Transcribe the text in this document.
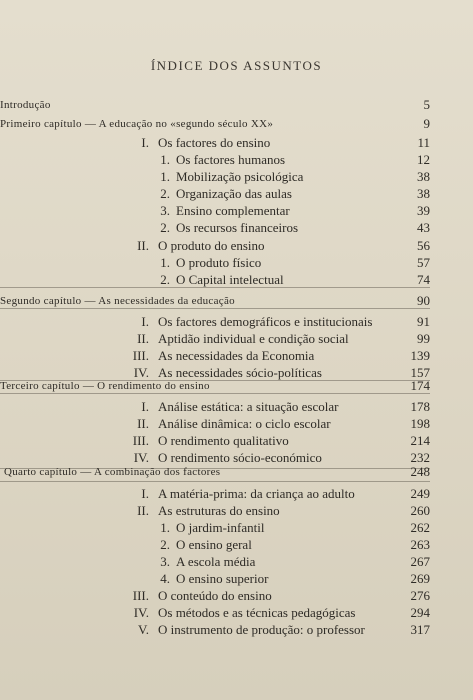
ÍNDICE DOS ASSUNTOS
Introdução	5
Primeiro capítulo — A educação no «segundo século XX»	9
I. Os factores do ensino	11
1. Os factores humanos	12
1. Mobilização psicológica	38
2. Organização das aulas	38
3. Ensino complementar	39
2. Os recursos financeiros	43
II. O produto do ensino	56
1. O produto físico	57
2. O Capital intelectual	74
Segundo capítulo — As necessidades da educação	90
I. Os factores demográficos e institucionais	91
II. Aptidão individual e condição social	99
III. As necessidades da Economia	139
IV. As necessidades sócio-políticas	157
Terceiro capítulo — O rendimento do ensino	174
I. Análise estática: a situação escolar	178
II. Análise dinâmica: o ciclo escolar	198
III. O rendimento qualitativo	214
IV. O rendimento sócio-económico	232
Quarto capítulo — A combinação dos factores	248
I. A matéria-prima: da criança ao adulto	249
II. As estruturas do ensino	260
1. O jardim-infantil	262
2. O ensino geral	263
3. A escola média	267
4. O ensino superior	269
III. O conteúdo do ensino	276
IV. Os métodos e as técnicas pedagógicas	294
V. O instrumento de produção: o professor	317
